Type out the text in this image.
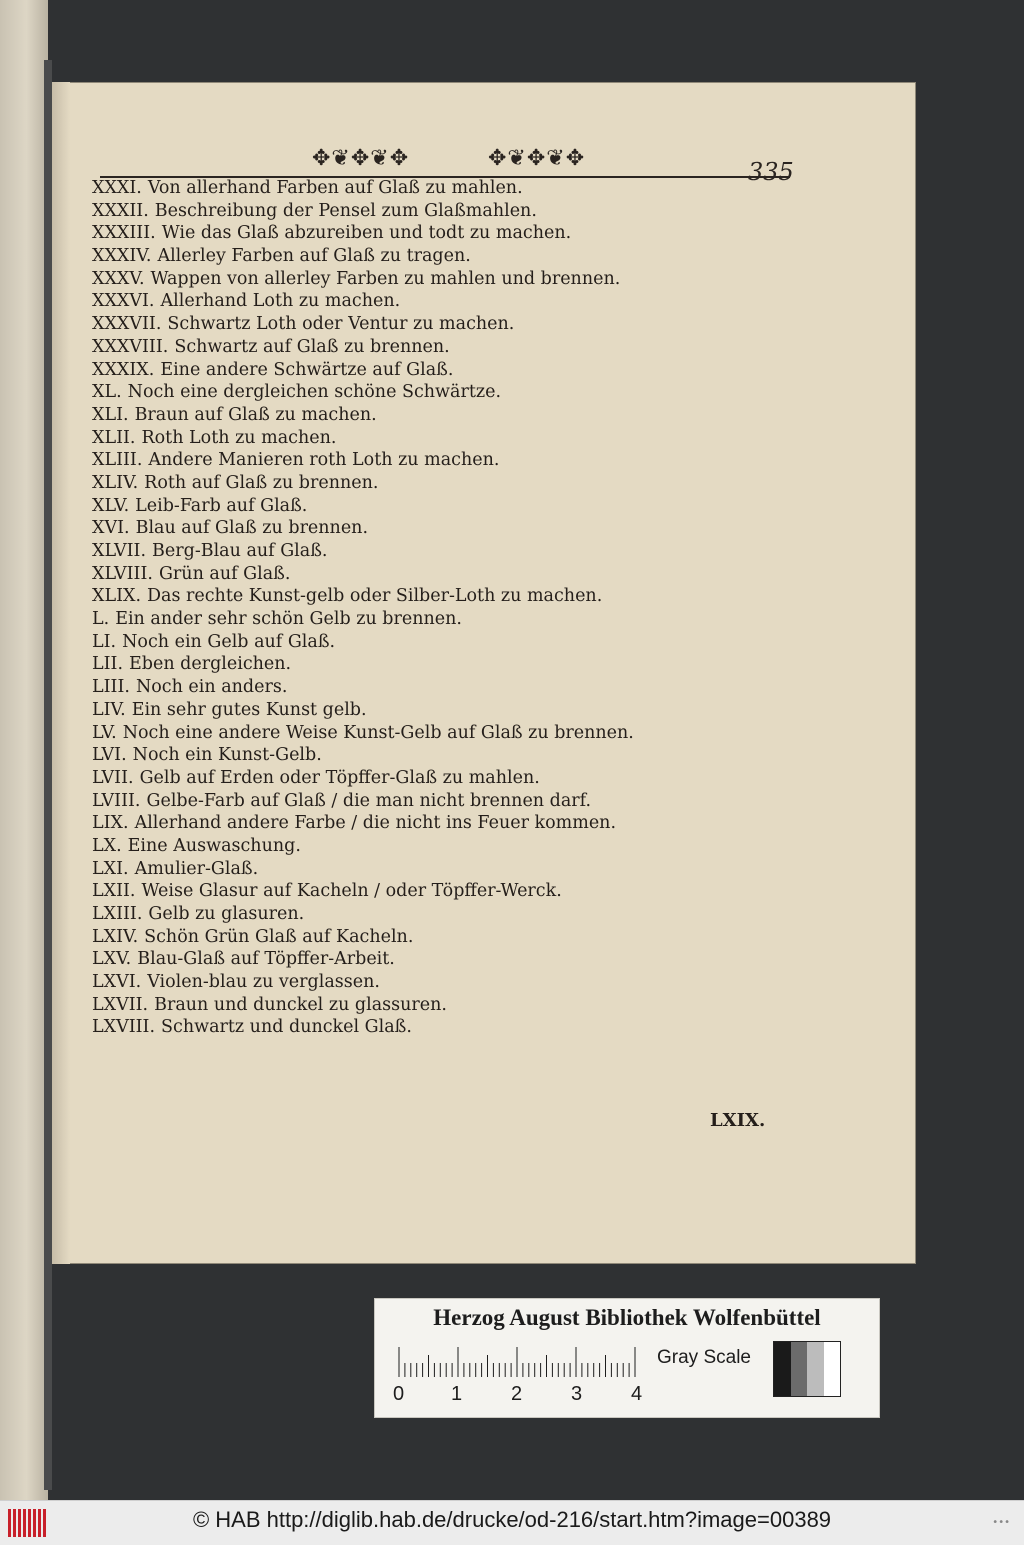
✥❦✥❦✥	✥❦✥❦✥	335
XXXI. Von allerhand Farben auf Glaß zu mahlen.
XXXII. Beschreibung der Pensel zum Glaßmahlen.
XXXIII. Wie das Glaß abzureiben und todt zu machen.
XXXIV. Allerley Farben auf Glaß zu tragen.
XXXV. Wappen von allerley Farben zu mahlen und brennen.
XXXVI. Allerhand Loth zu machen.
XXXVII. Schwartz Loth oder Ventur zu machen.
XXXVIII. Schwartz auf Glaß zu brennen.
XXXIX. Eine andere Schwärtze auf Glaß.
XL. Noch eine dergleichen schöne Schwärtze.
XLI. Braun auf Glaß zu machen.
XLII. Roth Loth zu machen.
XLIII. Andere Manieren roth Loth zu machen.
XLIV. Roth auf Glaß zu brennen.
XLV. Leib-Farb auf Glaß.
XVI. Blau auf Glaß zu brennen.
XLVII. Berg-Blau auf Glaß.
XLVIII. Grün auf Glaß.
XLIX. Das rechte Kunst-gelb oder Silber-Loth zu machen.
L. Ein ander sehr schön Gelb zu brennen.
LI. Noch ein Gelb auf Glaß.
LII. Eben dergleichen.
LIII. Noch ein anders.
LIV. Ein sehr gutes Kunst gelb.
LV. Noch eine andere Weise Kunst-Gelb auf Glaß zu brennen.
LVI. Noch ein Kunst-Gelb.
LVII. Gelb auf Erden oder Töpffer-Glaß zu mahlen.
LVIII. Gelbe-Farb auf Glaß / die man nicht brennen darf.
LIX. Allerhand andere Farbe / die nicht ins Feuer kommen.
LX. Eine Auswaschung.
LXI. Amulier-Glaß.
LXII. Weise Glasur auf Kacheln / oder Töpffer-Werck.
LXIII. Gelb zu glasuren.
LXIV. Schön Grün Glaß auf Kacheln.
LXV. Blau-Glaß auf Töpffer-Arbeit.
LXVI. Violen-blau zu verglassen.
LXVII. Braun und dunckel zu glassuren.
LXVIII. Schwartz und dunckel Glaß.
LXIX.
Herzog August Bibliothek Wolfenbüttel
0 1 2 3 4
Gray Scale
© HAB http://diglib.hab.de/drucke/od-216/start.htm?image=00389	•••
